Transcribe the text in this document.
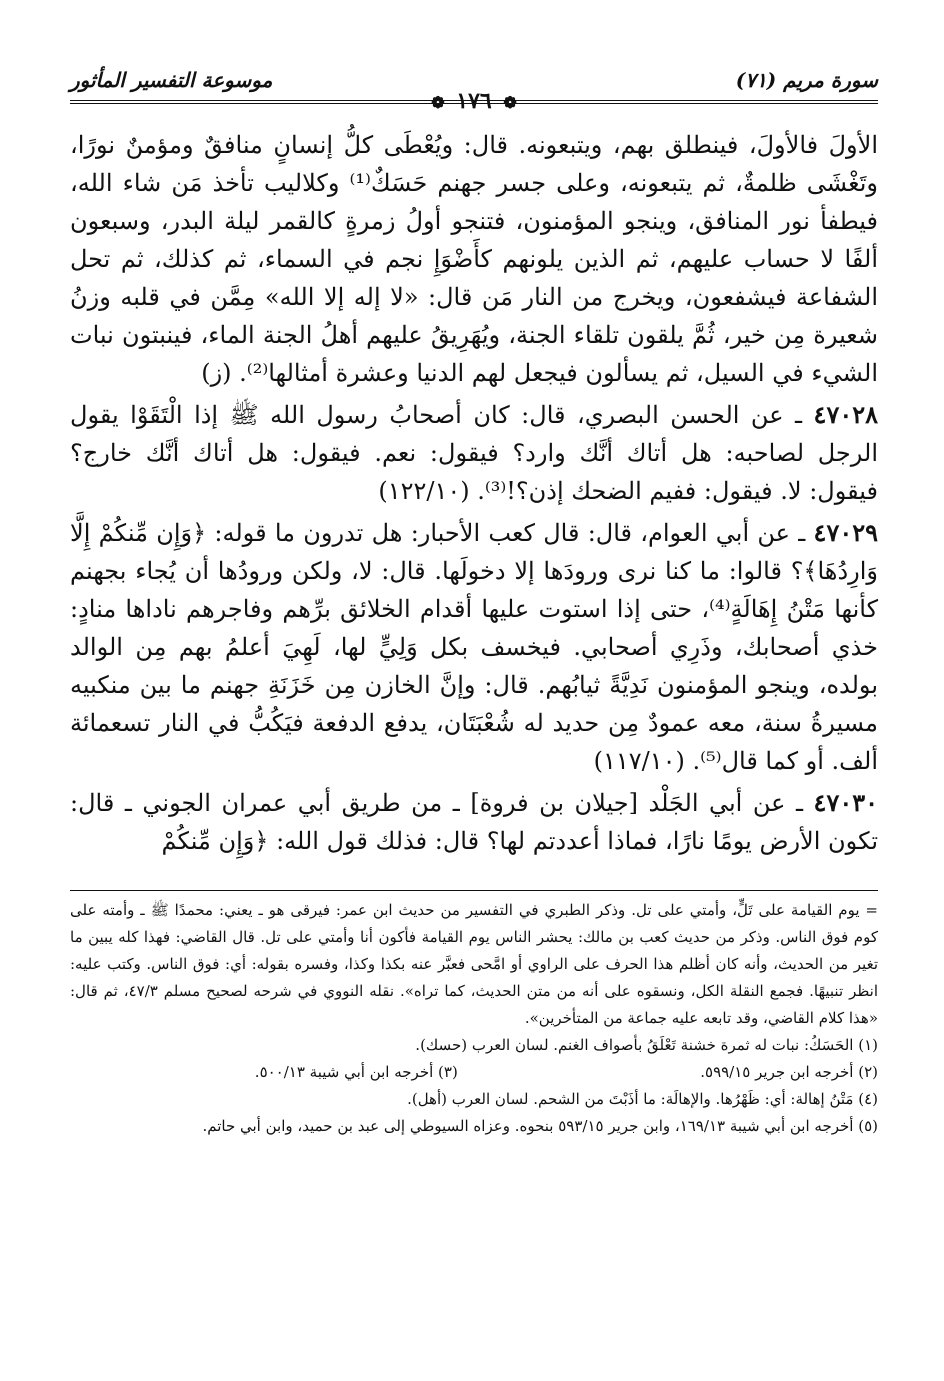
سورة مريم (٧١)
❁ ١٧٦ ❁
موسوعة التفسير المأثور

الأولَ فالأولَ، فينطلق بهم، ويتبعونه. قال: ويُعْطَى كلُّ إنسانٍ منافقٌ ومؤمنٌ نورًا، وتَغْشَى ظلمةٌ، ثم يتبعونه، وعلى جسر جهنم حَسَكٌ⁽¹⁾ وكلاليب تأخذ مَن شاء الله، فيطفأ نور المنافق، وينجو المؤمنون، فتنجو أولُ زمرةٍ كالقمر ليلة البدر، وسبعون ألفًا لا حساب عليهم، ثم الذين يلونهم كأَضْوَإِ نجم في السماء، ثم كذلك، ثم تحل الشفاعة فيشفعون، ويخرج من النار مَن قال: «لا إله إلا الله» مِمَّن في قلبه وزنُ شعيرة مِن خير، ثُمَّ يلقون تلقاء الجنة، ويُهَرِيقُ عليهم أهلُ الجنة الماء، فينبتون نبات الشيء في السيل، ثم يسألون فيجعل لهم الدنيا وعشرة أمثالها⁽²⁾. (ز)

٤٧٠٢٨ ـ عن الحسن البصري، قال: كان أصحابُ رسول الله ﷺ إذا الْتَقَوْا يقول الرجل لصاحبه: هل أتاك أنَّك وارد؟ فيقول: نعم. فيقول: هل أتاك أنَّك خارج؟ فيقول: لا. فيقول: ففيم الضحك إذن؟!⁽³⁾. (١٢٢/١٠)

٤٧٠٢٩ ـ عن أبي العوام، قال: قال كعب الأحبار: هل تدرون ما قوله: ﴿وَإِن مِّنكُمْ إِلَّا وَارِدُهَا﴾؟ قالوا: ما كنا نرى ورودَها إلا دخولَها. قال: لا، ولكن ورودُها أن يُجاء بجهنم كأنها مَتْنُ إِهَالَةٍ⁽⁴⁾، حتى إذا استوت عليها أقدام الخلائق برِّهم وفاجرهم ناداها منادٍ: خذي أصحابك، وذَرِي أصحابي. فيخسف بكل وَلِيٍّ لها، لَهِيَ أعلمُ بهم مِن الوالد بولده، وينجو المؤمنون نَدِيَّةً ثيابُهم. قال: وإنَّ الخازن مِن خَزَنَةِ جهنم ما بين منكبيه مسيرةُ سنة، معه عمودٌ مِن حديد له شُعْبَتَان، يدفع الدفعة فيَكُبُّ في النار تسعمائة ألف. أو كما قال⁽⁵⁾. (١١٧/١٠)

٤٧٠٣٠ ـ عن أبي الجَلْد [جيلان بن فروة] ـ من طريق أبي عمران الجوني ـ قال: تكون الأرض يومًا نارًا، فماذا أعددتم لها؟ قال: فذلك قول الله: ﴿وَإِن مِّنكُمْ

= يوم القيامة على تَلٍّ، وأمتي على تل. وذكر الطبري في التفسير من حديث ابن عمر: فيرقى هو ـ يعني: محمدًا ﷺ ـ وأمته على كوم فوق الناس. وذكر من حديث كعب بن مالك: يحشر الناس يوم القيامة فأكون أنا وأمتي على تل. قال القاضي: فهذا كله يبين ما تغير من الحديث، وأنه كان أظلم هذا الحرف على الراوي أو امَّحى فعبَّر عنه بكذا وكذا، وفسره بقوله: أي: فوق الناس. وكتب عليه: انظر تنبيهًا. فجمع النقلة الكل، ونسقوه على أنه من متن الحديث، كما تراه». نقله النووي في شرحه لصحيح مسلم ٤٧/٣، ثم قال: «هذا كلام القاضي، وقد تابعه عليه جماعة من المتأخرين».

(١) الحَسَكُ: نبات له ثمرة خشنة تَعْلَقُ بأصواف الغنم. لسان العرب (حسك).

(٢) أخرجه ابن جرير ٥٩٩/١٥.
(٣) أخرجه ابن أبي شيبة ٥٠٠/١٣.

(٤) مَتْنُ إهالة: أي: ظَهْرُها. والإهالَة: ما أذَبْتَ من الشحم. لسان العرب (أهل).

(٥) أخرجه ابن أبي شيبة ١٦٩/١٣، وابن جرير ٥٩٣/١٥ بنحوه. وعزاه السيوطي إلى عبد بن حميد، وابن أبي حاتم.
